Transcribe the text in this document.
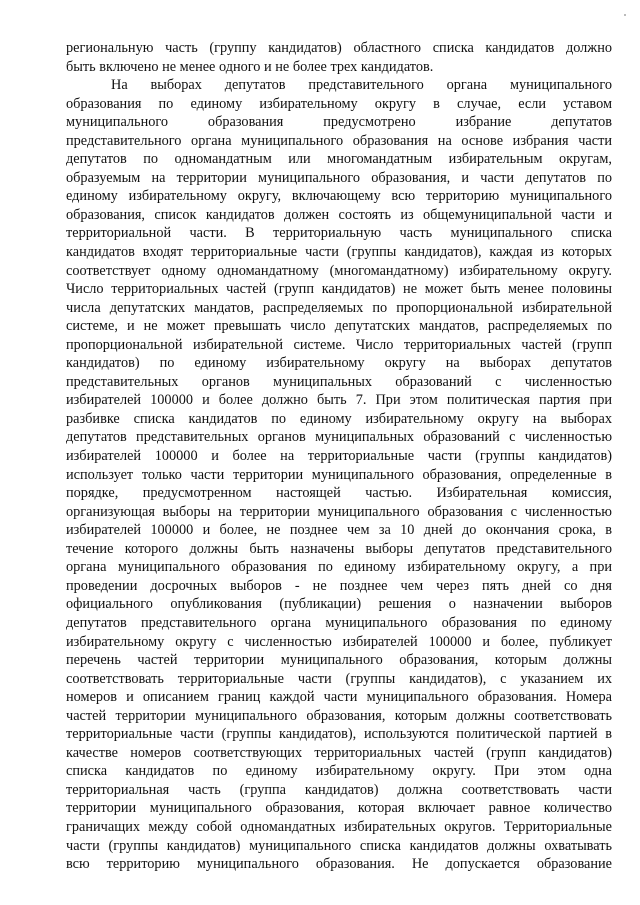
региональную часть (группу кандидатов) областного списка кандидатов должно
быть включено не менее одного и не более трех кандидатов.
На выборах депутатов представительного органа муниципального
образования по единому избирательному округу в случае, если уставом
муниципального образования предусмотрено избрание депутатов
представительного органа муниципального образования на основе избрания части
депутатов по одномандатным или многомандатным избирательным округам,
образуемым на территории муниципального образования, и части депутатов по
единому избирательному округу, включающему всю территорию муниципального
образования, список кандидатов должен состоять из общемуниципальной части и
территориальной части. В территориальную часть муниципального списка
кандидатов входят территориальные части (группы кандидатов), каждая из которых
соответствует одному одномандатному (многомандатному) избирательному округу.
Число территориальных частей (групп кандидатов) не может быть менее половины
числа депутатских мандатов, распределяемых по пропорциональной избирательной
системе, и не может превышать число депутатских мандатов, распределяемых по
пропорциональной избирательной системе. Число территориальных частей (групп
кандидатов) по единому избирательному округу на выборах депутатов
представительных органов муниципальных образований с численностью
избирателей 100000 и более должно быть 7. При этом политическая партия при
разбивке списка кандидатов по единому избирательному округу на выборах
депутатов представительных органов муниципальных образований с численностью
избирателей 100000 и более на территориальные части (группы кандидатов)
использует только части территории муниципального образования, определенные в
порядке, предусмотренном настоящей частью. Избирательная комиссия,
организующая выборы на территории муниципального образования с численностью
избирателей 100000 и более, не позднее чем за 10 дней до окончания срока, в
течение которого должны быть назначены выборы депутатов представительного
органа муниципального образования по единому избирательному округу, а при
проведении досрочных выборов - не позднее чем через пять дней со дня
официального опубликования (публикации) решения о назначении выборов
депутатов представительного органа муниципального образования по единому
избирательному округу с численностью избирателей 100000 и более, публикует
перечень частей территории муниципального образования, которым должны
соответствовать территориальные части (группы кандидатов), с указанием их
номеров и описанием границ каждой части муниципального образования. Номера
частей территории муниципального образования, которым должны соответствовать
территориальные части (группы кандидатов), используются политической партией в
качестве номеров соответствующих территориальных частей (групп кандидатов)
списка кандидатов по единому избирательному округу. При этом одна
территориальная часть (группа кандидатов) должна соответствовать части
территории муниципального образования, которая включает равное количество
граничащих между собой одномандатных избирательных округов. Территориальные
части (группы кандидатов) муниципального списка кандидатов должны охватывать
всю территорию муниципального образования. Не допускается образование
